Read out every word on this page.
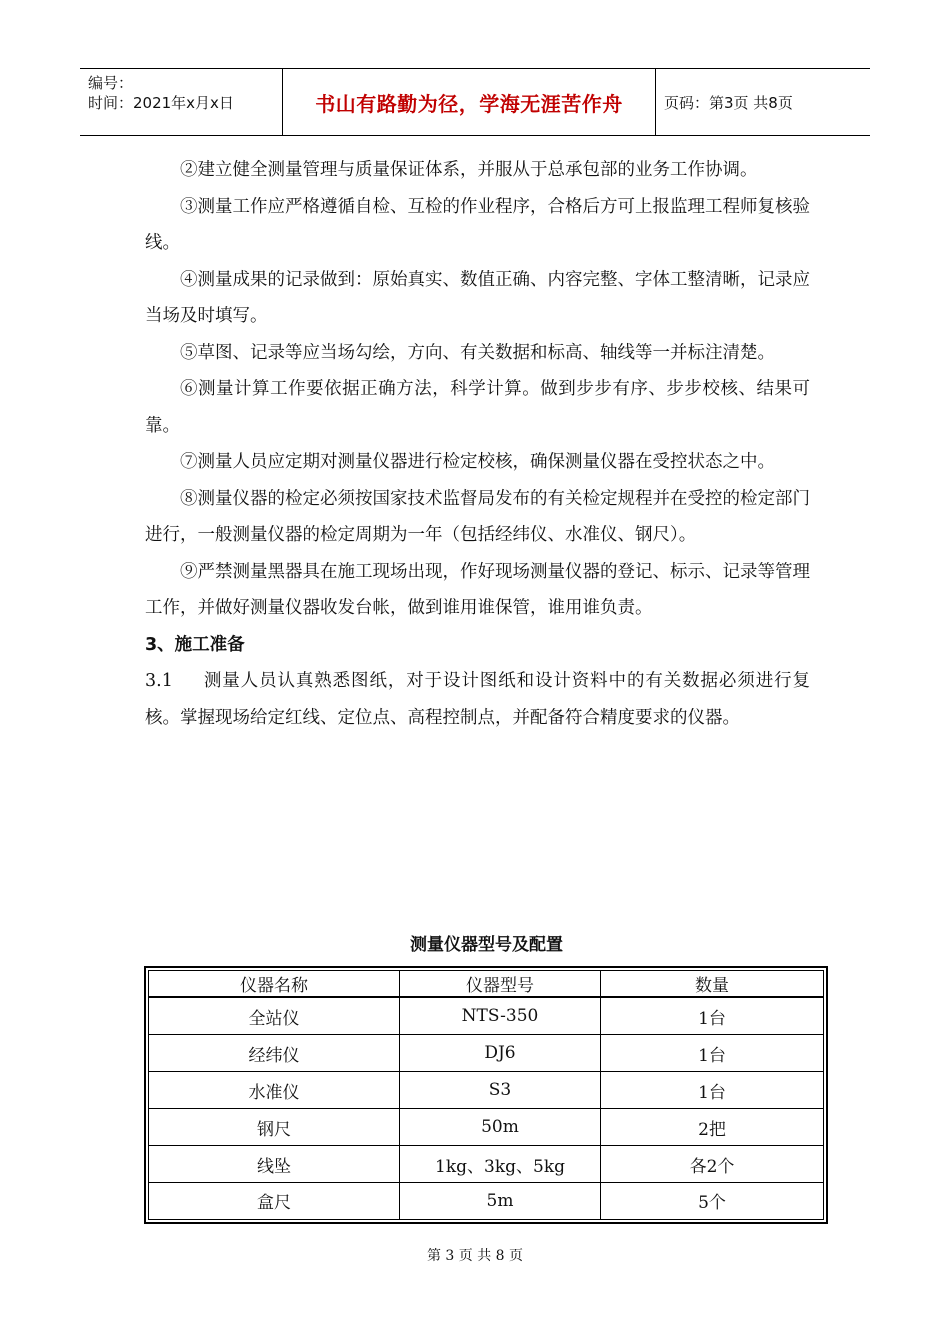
编号：
时间：2021年x月x日	书山有路勤为径，学海无涯苦作舟	页码：第3页 共8页

②建立健全测量管理与质量保证体系，并服从于总承包部的业务工作协调。

③测量工作应严格遵循自检、互检的作业程序，合格后方可上报监理工程师复核验线。

④测量成果的记录做到：原始真实、数值正确、内容完整、字体工整清晰，记录应当场及时填写。

⑤草图、记录等应当场勾绘，方向、有关数据和标高、轴线等一并标注清楚。

⑥测量计算工作要依据正确方法，科学计算。做到步步有序、步步校核、结果可靠。

⑦测量人员应定期对测量仪器进行检定校核，确保测量仪器在受控状态之中。

⑧测量仪器的检定必须按国家技术监督局发布的有关检定规程并在受控的检定部门进行，一般测量仪器的检定周期为一年（包括经纬仪、水准仪、钢尺）。

⑨严禁测量黑器具在施工现场出现，作好现场测量仪器的登记、标示、记录等管理工作，并做好测量仪器收发台帐，做到谁用谁保管，谁用谁负责。

3、施工准备

3.1 测量人员认真熟悉图纸，对于设计图纸和设计资料中的有关数据必须进行复核。掌握现场给定红线、定位点、高程控制点，并配备符合精度要求的仪器。

测量仪器型号及配置
仪器名称	仪器型号	数量
全站仪	NTS-350	1台
经纬仪	DJ6	1台
水准仪	S3	1台
钢尺	50m	2把
线坠	1kg、3kg、5kg	各2个
盒尺	5m	5个
第 3 页 共 8 页
